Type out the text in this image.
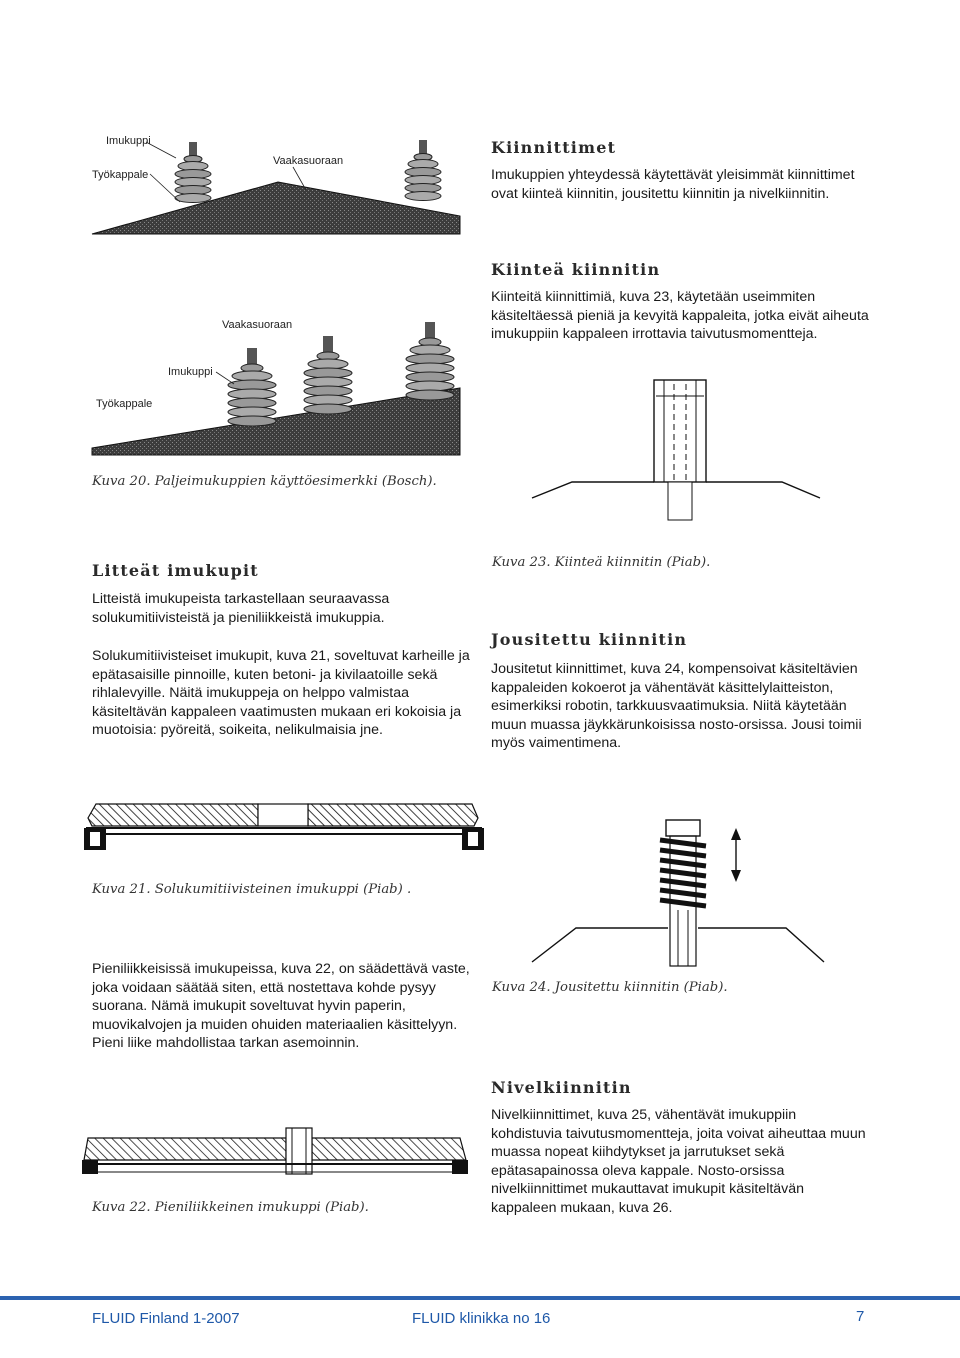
Imukuppi
Työkappale
Vaakasuoraan
Vaakasuoraan
Imukuppi
Työkappale

Kuva 20. Paljeimukuppien käyttöesimerkki (Bosch).

Kiinnittimet

Imukuppien yhteydessä käytettävät yleisimmät kiinnittimet ovat kiinteä kiinnitin, jousitettu kiinnitin ja nivelkiinnitin.

Kiinteä kiinnitin

Kiinteitä kiinnittimiä, kuva 23, käytetään useimmiten käsiteltäessä pieniä ja kevyitä kappaleita, jotka eivät aiheuta imukuppiin kappaleen irrottavia taivutusmomentteja.

Kuva 23. Kiinteä kiinnitin (Piab).

Litteät imukupit

Litteistä imukupeista tarkastellaan seuraavassa solukumitiivisteistä ja pieniliikkeistä imukuppia.

Solukumitiivisteiset imukupit, kuva 21, soveltuvat karheille ja epätasaisille pinnoille, kuten betoni- ja kivilaatoille sekä rihlalevyille. Näitä imukuppeja on helppo valmistaa käsiteltävän kappaleen vaatimusten mukaan eri kokoisia ja muotoisia: pyöreitä, soikeita, nelikulmaisia jne.

Jousitettu kiinnitin

Jousitetut kiinnittimet, kuva 24, kompensoivat käsiteltävien kappaleiden kokoerot ja vähentävät käsittelylaitteiston, esimerkiksi robotin, tarkkuusvaatimuksia. Niitä käytetään muun muassa jäykkärunkoisissa nosto-orsissa. Jousi toimii myös vaimentimena.

Kuva 21. Solukumitiivisteinen imukuppi (Piab) .

Pieniliikkeisissä imukupeissa, kuva 22, on säädettävä vaste, joka voidaan säätää siten, että nostettava kohde pysyy suorana. Nämä imukupit soveltuvat hyvin paperin, muovikalvojen ja muiden ohuiden materiaalien käsittelyyn. Pieni liike mahdollistaa tarkan asemoinnin.

Kuva 24. Jousitettu kiinnitin (Piab).

Nivelkiinnitin

Nivelkiinnittimet, kuva 25, vähentävät imukuppiin kohdistuvia taivutusmomentteja, joita voivat aiheuttaa muun muassa nopeat kiihdytykset ja jarrutukset sekä epätasapainossa oleva kappale. Nosto-orsissa nivelkiinnittimet mukauttavat imukupit käsiteltävän kappaleen mukaan, kuva 26.

Kuva 22. Pieniliikkeinen imukuppi (Piab).

FLUID Finland 1-2007	FLUID klinikka no 16	7
